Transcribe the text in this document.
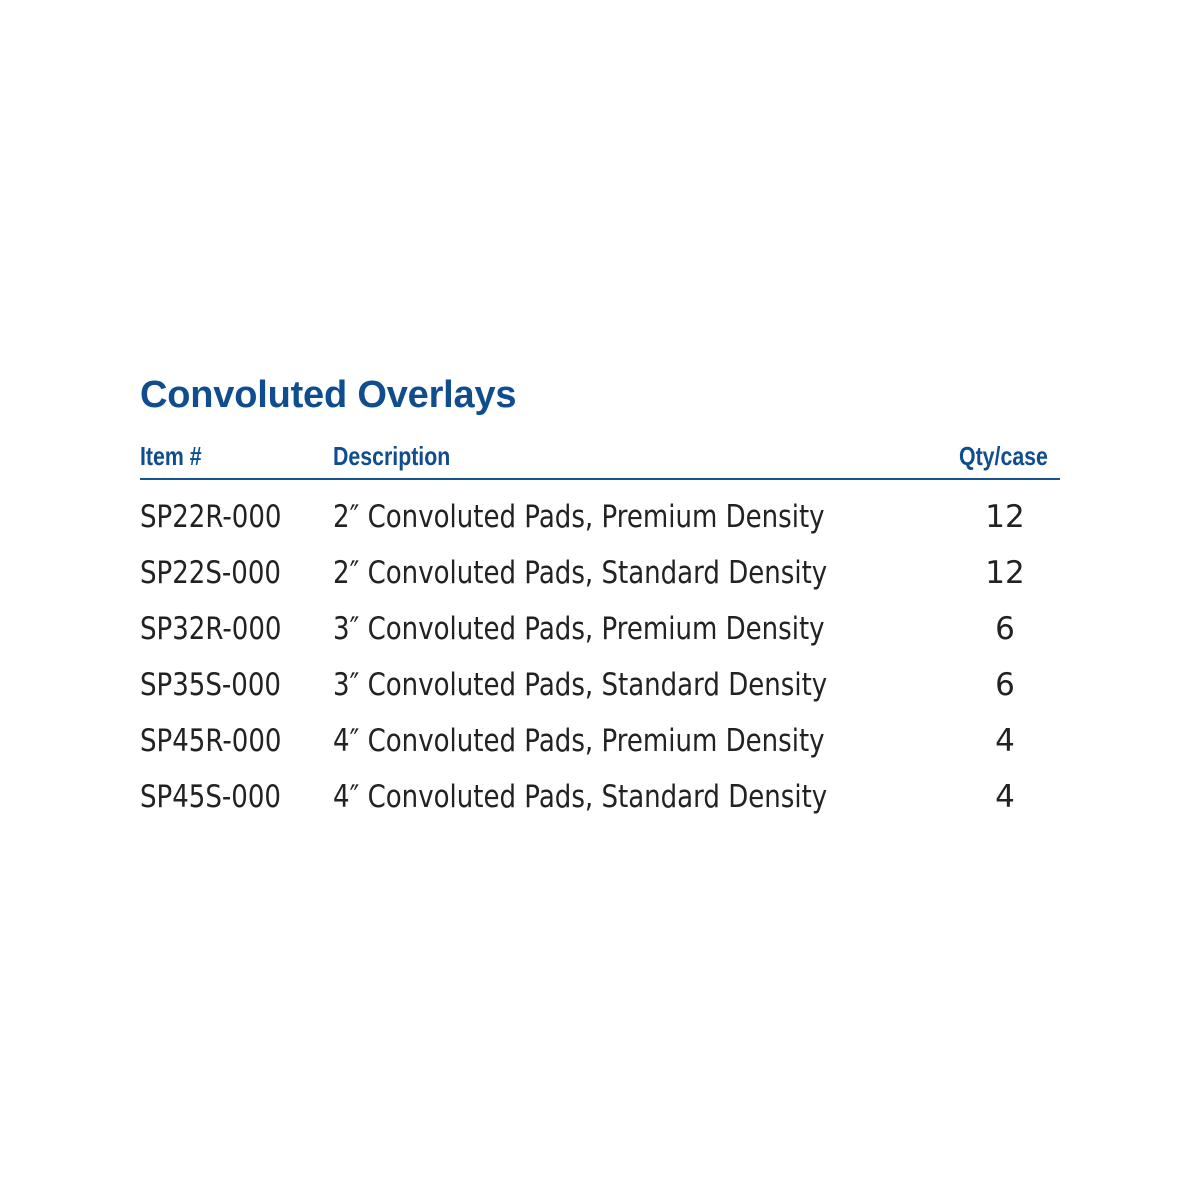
Convoluted Overlays
Item #	Description	Qty/case
SP22R-000 2″ Convoluted Pads, Premium Density	12
SP22S-000 2″ Convoluted Pads, Standard Density	12
SP32R-000 3″ Convoluted Pads, Premium Density	6
SP35S-000 3″ Convoluted Pads, Standard Density	6
SP45R-000 4″ Convoluted Pads, Premium Density	4
SP45S-000 4″ Convoluted Pads, Standard Density	4
